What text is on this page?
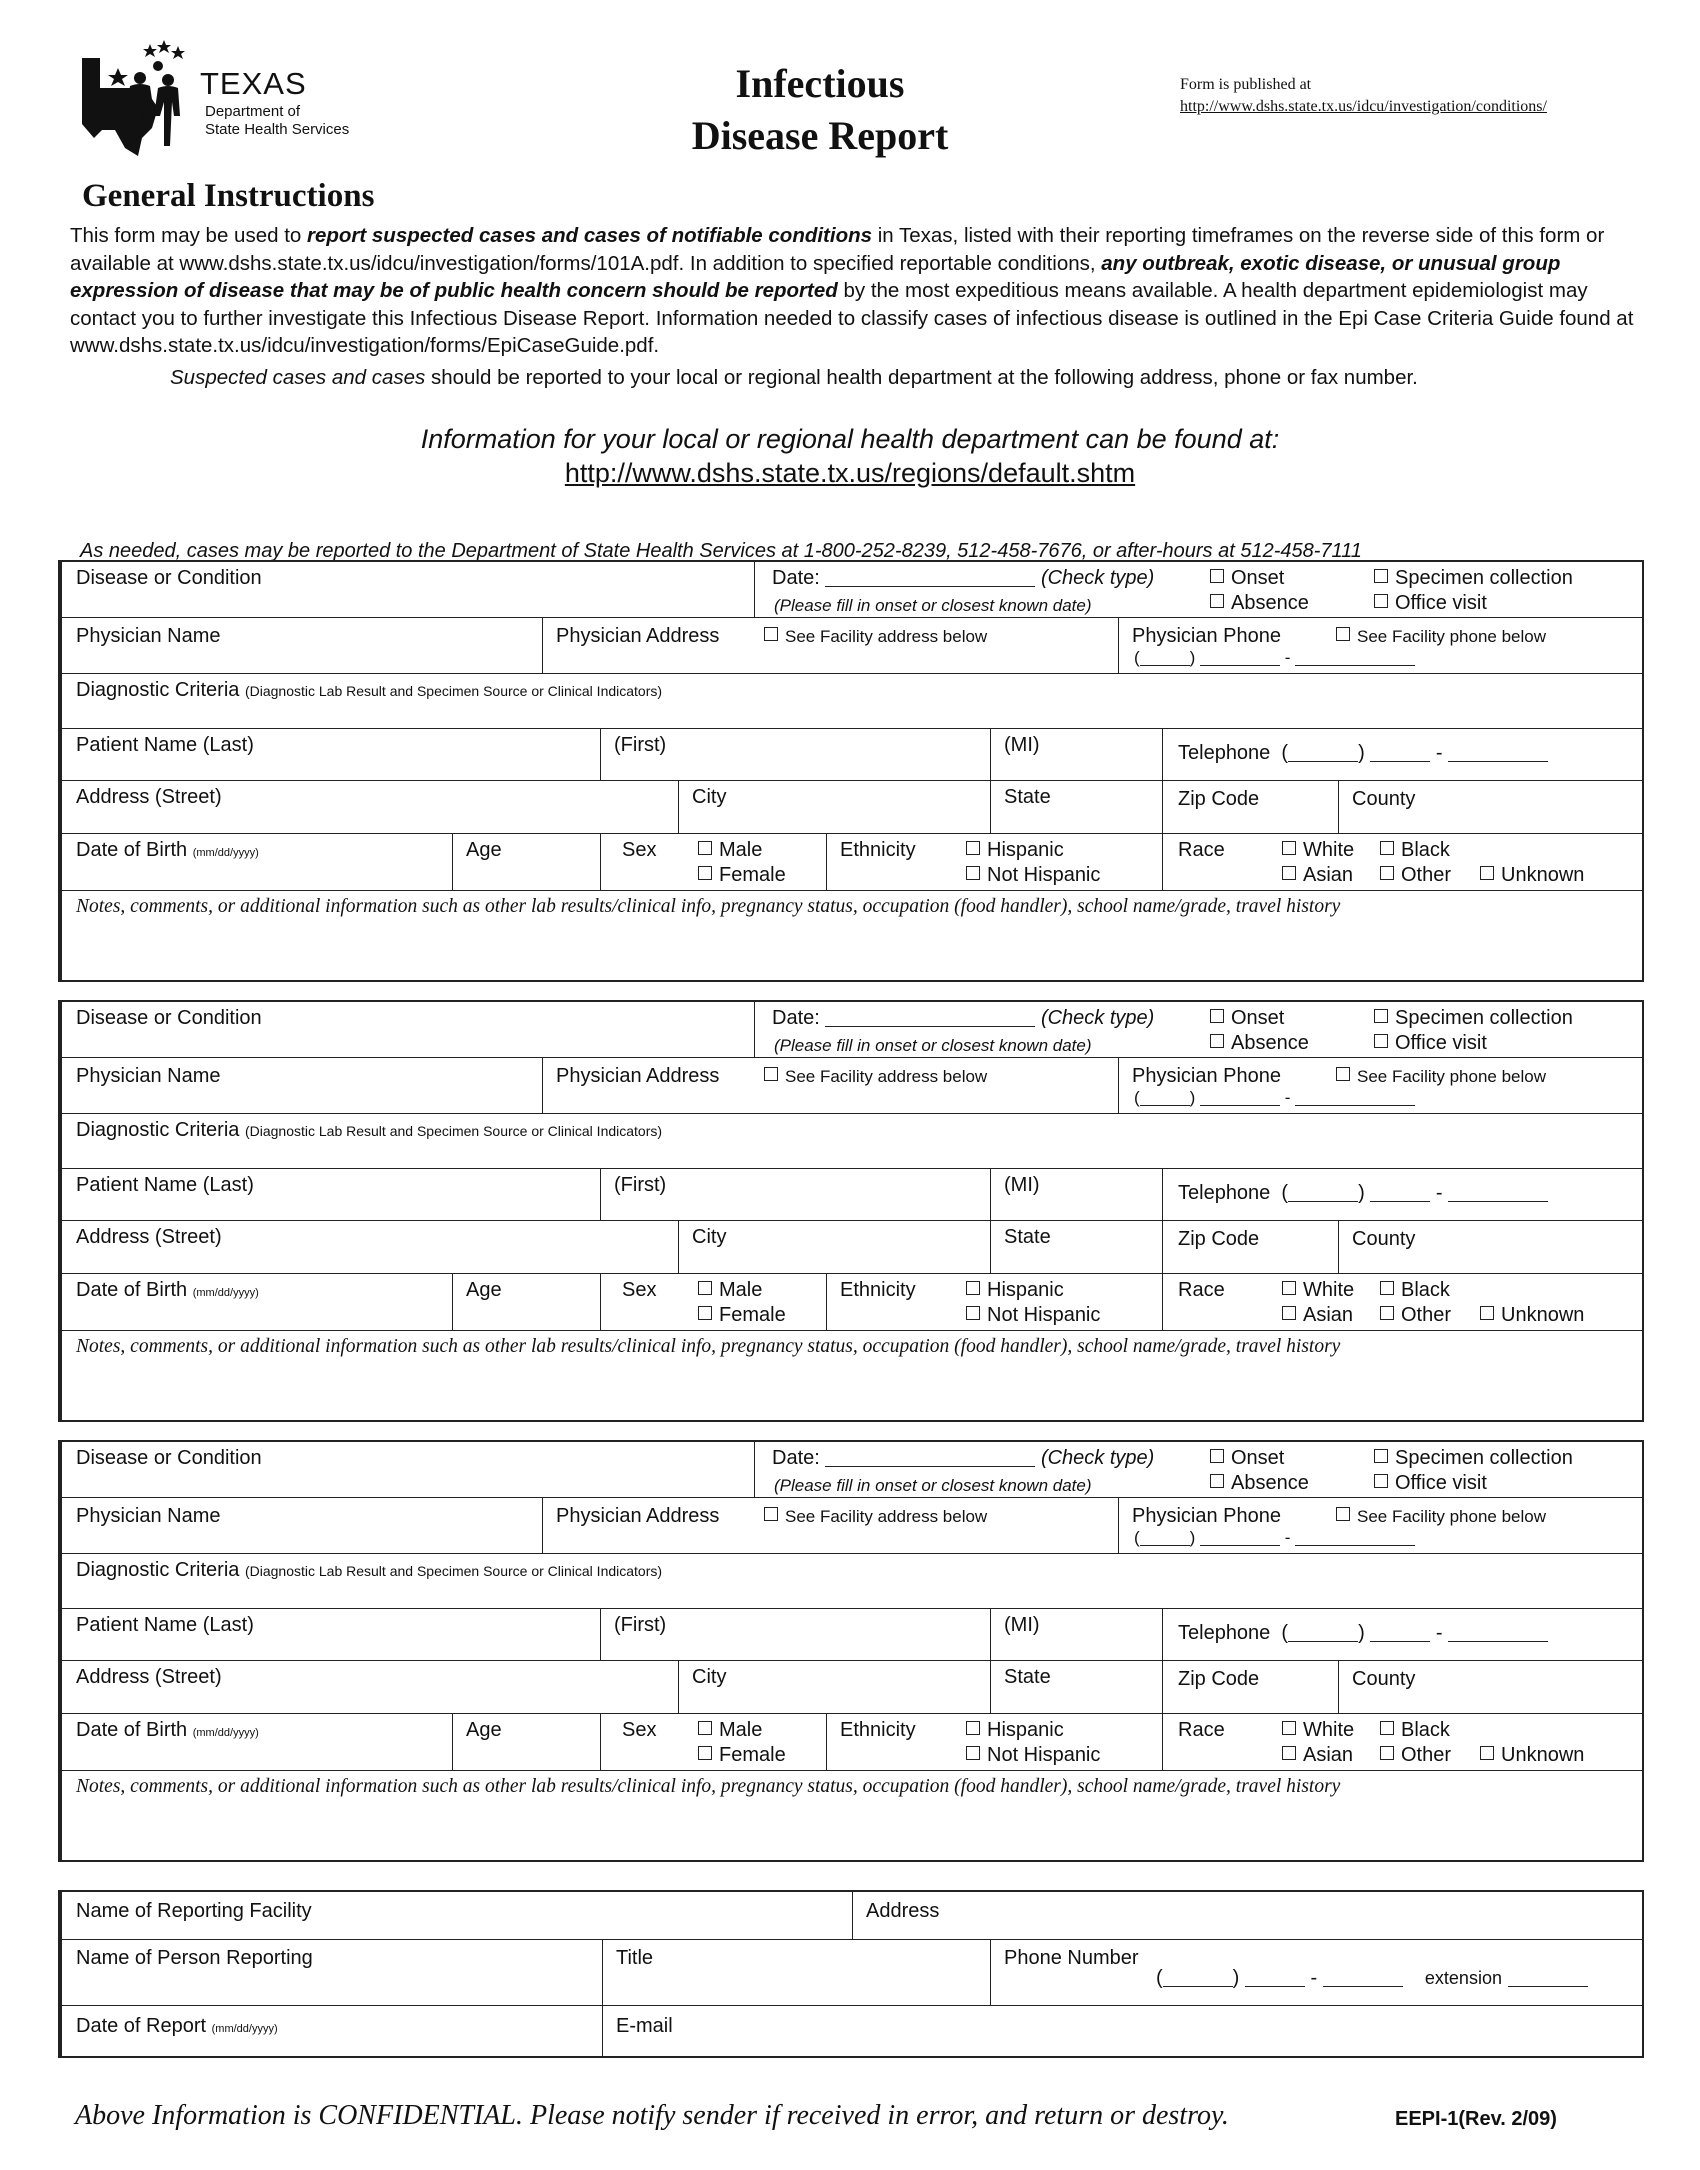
TEXAS
Department of
State Health Services
Infectious
Disease Report
Form is published at
http://www.dshs.state.tx.us/idcu/investigation/conditions/
General Instructions

This form may be used to report suspected cases and cases of notifiable conditions in Texas, listed with their reporting timeframes on the reverse side of this form or available at www.dshs.state.tx.us/idcu/investigation/forms/101A.pdf. In addition to specified reportable conditions, any outbreak, exotic disease, or unusual group expression of disease that may be of public health concern should be reported by the most expeditious means available. A health department epidemiologist may contact you to further investigate this Infectious Disease Report. Information needed to classify cases of infectious disease is outlined in the Epi Case Criteria Guide found at www.dshs.state.tx.us/idcu/investigation/forms/EpiCaseGuide.pdf.

Suspected cases and cases should be reported to your local or regional health department at the following address, phone or fax number.
Information for your local or regional health department can be found at:
http://www.dshs.state.tx.us/regions/default.shtm
As needed, cases may be reported to the Department of State Health Services at 1-800-252-8239, 512-458-7676, or after-hours at 512-458-7111
Disease or Condition	Date:	(Check type)
(Please fill in onset or closest known date)
Onset
Absence
Specimen collection
Office visit
Physician Name	Physician Address	See Facility address below	Physician Phone	See Facility phone below
(	)	-
Diagnostic Criteria (Diagnostic Lab Result and Specimen Source or Clinical Indicators)
Patient Name (Last)	(First)	(MI)	Telephone  (	)	-
Address (Street)	City	State	Zip Code	County
Date of Birth (mm/dd/yyyy)	Age	Sex	Male
Female
Ethnicity	Hispanic
Not Hispanic
Race	White	Black
Asian	Other	Unknown
Notes, comments, or additional information such as other lab results/clinical info, pregnancy status, occupation (food handler), school name/grade, travel history
Disease or Condition	Date:	(Check type)
(Please fill in onset or closest known date)
Onset
Absence
Specimen collection
Office visit
Physician Name	Physician Address	See Facility address below	Physician Phone	See Facility phone below
(	)	-
Diagnostic Criteria (Diagnostic Lab Result and Specimen Source or Clinical Indicators)
Patient Name (Last)	(First)	(MI)	Telephone  (	)	-
Address (Street)	City	State	Zip Code	County
Date of Birth (mm/dd/yyyy)	Age	Sex	Male
Female
Ethnicity	Hispanic
Not Hispanic
Race	White	Black
Asian	Other	Unknown
Notes, comments, or additional information such as other lab results/clinical info, pregnancy status, occupation (food handler), school name/grade, travel history
Disease or Condition	Date:	(Check type)
(Please fill in onset or closest known date)
Onset
Absence
Specimen collection
Office visit
Physician Name	Physician Address	See Facility address below	Physician Phone	See Facility phone below
(	)	-
Diagnostic Criteria (Diagnostic Lab Result and Specimen Source or Clinical Indicators)
Patient Name (Last)	(First)	(MI)	Telephone  (	)	-
Address (Street)	City	State	Zip Code	County
Date of Birth (mm/dd/yyyy)	Age	Sex	Male
Female
Ethnicity	Hispanic
Not Hispanic
Race	White	Black
Asian	Other	Unknown
Notes, comments, or additional information such as other lab results/clinical info, pregnancy status, occupation (food handler), school name/grade, travel history
Name of Reporting Facility	Address
Name of Person Reporting	Title	Phone Number
(	)	-	extension
Date of Report (mm/dd/yyyy)	E-mail
Above Information is CONFIDENTIAL. Please notify sender if received in error, and return or destroy.	EEPI-1(Rev. 2/09)
